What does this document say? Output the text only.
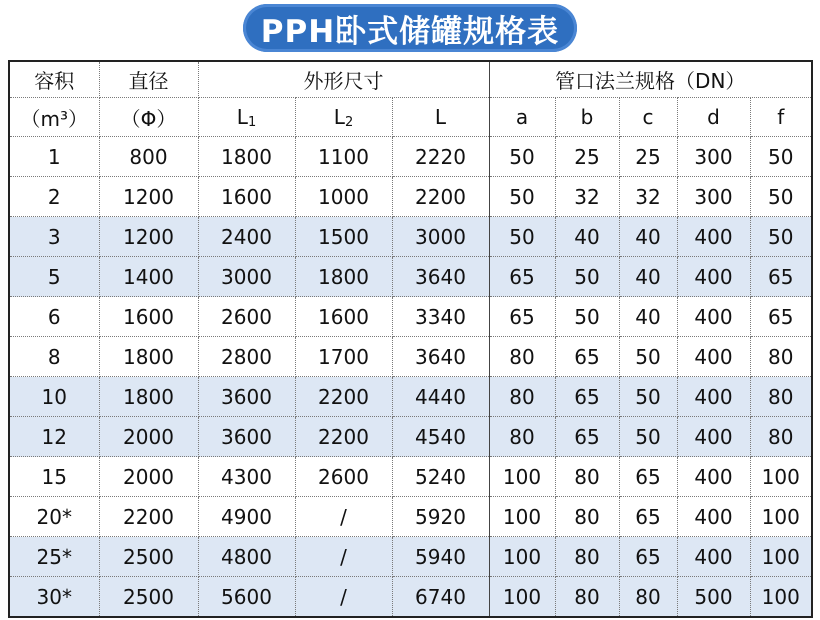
PPH卧式储罐规格表
容积	直径	外形尺寸			管口法兰规格（DN）				
（m³）	（Φ）	$L_1$	$L_2$	L	a	b	c	d	f
1	800	1800	1100	2220	50	25	25	300	50
2	1200	1600	1000	2200	50	32	32	300	50
3	1200	2400	1500	3000	50	40	40	400	50
5	1400	3000	1800	3640	65	50	40	400	65
6	1600	2600	1600	3340	65	50	40	400	65
8	1800	2800	1700	3640	80	65	50	400	80
10	1800	3600	2200	4440	80	65	50	400	80
12	2000	3600	2200	4540	80	65	50	400	80
15	2000	4300	2600	5240	100	80	65	400	100
20*	2200	4900	/	5920	100	80	65	400	100
25*	2500	4800	/	5940	100	80	65	400	100
30*	2500	5600	/	6740	100	80	80	500	100
